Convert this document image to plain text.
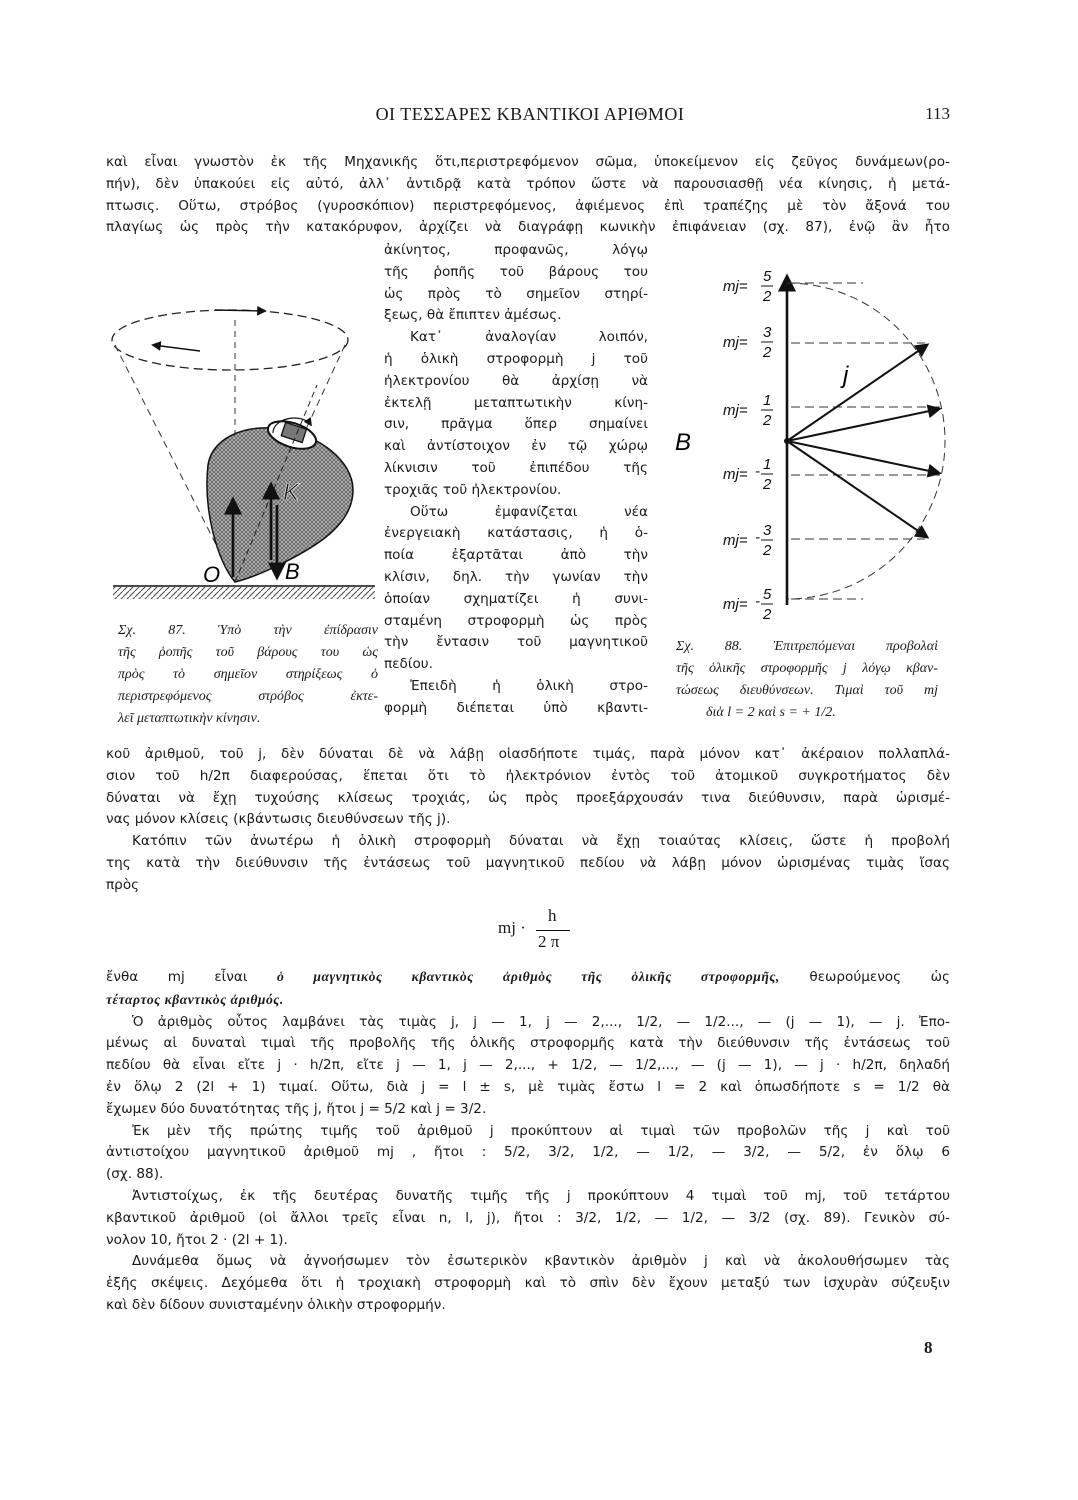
ΟΙ ΤΕΣΣΑΡΕΣ ΚΒΑΝΤΙΚΟΙ ΑΡΙΘΜΟΙ	113
καὶ εἶναι γνωστὸν ἐκ τῆς Μηχανικῆς ὅτι,περιστρεφόμενον σῶμα, ὑποκείμενον εἰς ζεῦγος δυνάμεων(ρο-
πήν), δὲν ὑπακούει εἰς αὐτό, ἀλλ᾽ ἀντιδρᾷ κατὰ τρόπον ὥστε νὰ παρουσιασθῇ νέα κίνησις, ἡ μετά-
πτωσις. Οὕτω, στρόβος (γυροσκόπιον) περιστρεφόμενος, ἀφιέμενος ἐπὶ τραπέζης μὲ τὸν ἄξονά του
πλαγίως ὡς πρὸς τὴν κατακόρυφον, ἀρχίζει νὰ διαγράφῃ κωνικὴν ἐπιφάνειαν (σχ. 87), ἐνῷ ἂν ἦτο
ἀκίνητος, προφανῶς, λόγῳ
τῆς ῥοπῆς τοῦ βάρους του
ὡς πρὸς τὸ σημεῖον στηρί-
ξεως, θὰ ἔπιπτεν ἀμέσως.
Κατ᾽ ἀναλογίαν λοιπόν,
ἡ ὁλικὴ στροφορμὴ j τοῦ
ἠλεκτρονίου θὰ ἀρχίσῃ νὰ
ἐκτελῇ μεταπτωτικὴν κίνη-
σιν, πρᾶγμα ὅπερ σημαίνει
καὶ ἀντίστοιχον ἐν τῷ χώρῳ
λίκνισιν τοῦ ἐπιπέδου τῆς
τροχιᾶς τοῦ ἠλεκτρονίου.
Οὕτω ἐμφανίζεται νέα
ἐνεργειακὴ κατάστασις, ἡ ὁ-
ποία ἐξαρτᾶται ἀπὸ τὴν
κλίσιν, δηλ. τὴν γωνίαν τὴν
ὁποίαν σχηματίζει ἡ συνι-
σταμένη στροφορμὴ ὡς πρὸς
τὴν ἔντασιν τοῦ μαγνητικοῦ
πεδίου.
Ἐπειδὴ ἡ ὁλικὴ στρο-
φορμὴ διέπεται ὑπὸ κβαντι-
O	B
K
Σχ. 87. Ὑπὸ τὴν ἐπίδρασιν
τῆς ῥοπῆς τοῦ βάρους του ὡς
πρὸς τὸ σημεῖον στηρίξεως ὁ
περιστρεφόμενος στρόβος ἐκτε-
λεῖ μεταπτωτικὴν κίνησιν.
j
B
mj=
5
2
mj=
3
2
mj=
1
2
mj= - 1
2
mj= - 3
2
mj= - 5
2
Σχ. 88. Ἐπιτρεπόμεναι προβολαὶ
τῆς ὁλικῆς στροφορμῆς j λόγῳ κβαν-
τώσεως διευθύνσεων. Τιμαὶ τοῦ mj
διὰ l = 2 καὶ s = + 1/2.
κοῦ ἀριθμοῦ, τοῦ j, δὲν δύναται δὲ νὰ λάβῃ οἱασδήποτε τιμάς, παρὰ μόνον κατ᾽ ἀκέραιον πολλαπλά-
σιον τοῦ h/2π διαφερούσας, ἕπεται ὅτι τὸ ἠλεκτρόνιον ἐντὸς τοῦ ἀτομικοῦ συγκροτήματος δὲν
δύναται νὰ ἔχῃ τυχούσης κλίσεως τροχιάς, ὡς πρὸς προεξάρχουσάν τινα διεύθυνσιν, παρὰ ὡρισμέ-
νας μόνον κλίσεις (κβάντωσις διευθύνσεων τῆς j).
Κατόπιν τῶν ἀνωτέρω ἡ ὁλικὴ στροφορμὴ δύναται νὰ ἔχῃ τοιαύτας κλίσεις, ὥστε ἡ προβολή
της κατὰ τὴν διεύθυνσιν τῆς ἐντάσεως τοῦ μαγνητικοῦ πεδίου νὰ λάβῃ μόνον ὡρισμένας τιμὰς ἴσας
πρὸς
mj ·
h
2 π
ἔνθα mj εἶναι ὁ μαγνητικὸς κβαντικὸς ἀριθμὸς τῆς ὁλικῆς στροφορμῆς, θεωρούμενος ὡς
τέταρτος κβαντικὸς ἀριθμός.
Ὁ ἀριθμὸς οὗτος λαμβάνει τὰς τιμὰς j, j — 1, j — 2,..., 1/2, — 1/2..., — (j — 1), — j. Ἐπο-
μένως αἱ δυναταὶ τιμαὶ τῆς προβολῆς τῆς ὁλικῆς στροφορμῆς κατὰ τὴν διεύθυνσιν τῆς ἐντάσεως τοῦ
πεδίου θὰ εἶναι εἴτε j · h/2π, εἴτε j — 1, j — 2,..., + 1/2, — 1/2,..., — (j — 1), — j · h/2π, δηλαδή
ἐν ὅλῳ 2 (2l + 1) τιμαί. Οὕτω, διὰ j = l ± s, μὲ τιμὰς ἔστω l = 2 καὶ ὁπωσδήποτε s = 1/2 θὰ
ἔχωμεν δύο δυνατότητας τῆς j, ἤτοι j = 5/2 καὶ j = 3/2.
Ἐκ μὲν τῆς πρώτης τιμῆς τοῦ ἀριθμοῦ j προκύπτουν αἱ τιμαὶ τῶν προβολῶν τῆς j καὶ τοῦ
ἀντιστοίχου μαγνητικοῦ ἀριθμοῦ mj , ἤτοι : 5/2, 3/2, 1/2, — 1/2, — 3/2, — 5/2, ἐν ὅλῳ 6
(σχ. 88).
Ἀντιστοίχως, ἐκ τῆς δευτέρας δυνατῆς τιμῆς τῆς j προκύπτουν 4 τιμαὶ τοῦ mj, τοῦ τετάρτου
κβαντικοῦ ἀριθμοῦ (οἱ ἄλλοι τρεῖς εἶναι n, l, j), ἤτοι : 3/2, 1/2, — 1/2, — 3/2 (σχ. 89). Γενικὸν σύ-
νολον 10, ἤτοι 2 · (2l + 1).
Δυνάμεθα ὅμως νὰ ἀγνοήσωμεν τὸν ἐσωτερικὸν κβαντικὸν ἀριθμὸν j καὶ νὰ ἀκολουθήσωμεν τὰς
ἑξῆς σκέψεις. Δεχόμεθα ὅτι ἡ τροχιακὴ στροφορμὴ καὶ τὸ σπὶν δὲν ἔχουν μεταξύ των ἰσχυρὰν σύζευξιν
καὶ δὲν δίδουν συνισταμένην ὁλικὴν στροφορμήν.
8
